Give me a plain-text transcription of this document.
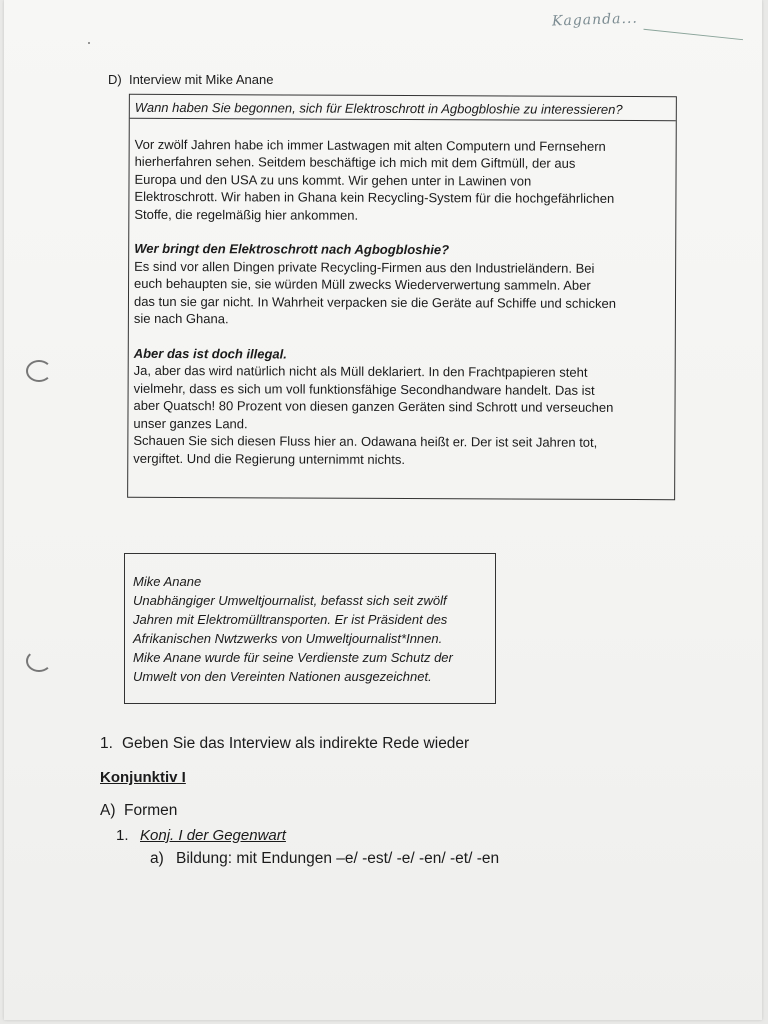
Kaganda...
D) Interview mit Mike Anane

Wann haben Sie begonnen, sich für Elektroschrott in Agbogbloshie zu interessieren?

Vor zwölf Jahren habe ich immer Lastwagen mit alten Computern und Fernsehern

hierherfahren sehen. Seitdem beschäftige ich mich mit dem Giftmüll, der aus

Europa und den USA zu uns kommt. Wir gehen unter in Lawinen von

Elektroschrott. Wir haben in Ghana kein Recycling-System für die hochgefährlichen

Stoffe, die regelmäßig hier ankommen.

Wer bringt den Elektroschrott nach Agbogbloshie?

Es sind vor allen Dingen private Recycling-Firmen aus den Industrieländern. Bei

euch behaupten sie, sie würden Müll zwecks Wiederverwertung sammeln. Aber

das tun sie gar nicht. In Wahrheit verpacken sie die Geräte auf Schiffe und schicken

sie nach Ghana.

Aber das ist doch illegal.

Ja, aber das wird natürlich nicht als Müll deklariert. In den Frachtpapieren steht

vielmehr, dass es sich um voll funktionsfähige Secondhandware handelt. Das ist

aber Quatsch! 80 Prozent von diesen ganzen Geräten sind Schrott und verseuchen

unser ganzes Land.

Schauen Sie sich diesen Fluss hier an. Odawana heißt er. Der ist seit Jahren tot,

vergiftet. Und die Regierung unternimmt nichts.

Mike Anane

Unabhängiger Umweltjournalist, befasst sich seit zwölf

Jahren mit Elektromülltransporten. Er ist Präsident des

Afrikanischen Nwtzwerks von Umweltjournalist*Innen.

Mike Anane wurde für seine Verdienste zum Schutz der

Umwelt von den Vereinten Nationen ausgezeichnet.

1. Geben Sie das Interview als indirekte Rede wieder
Konjunktiv I
A) Formen
1. Konj. I der Gegenwart
a) Bildung: mit Endungen –e/ -est/ -e/ -en/ -et/ -en
